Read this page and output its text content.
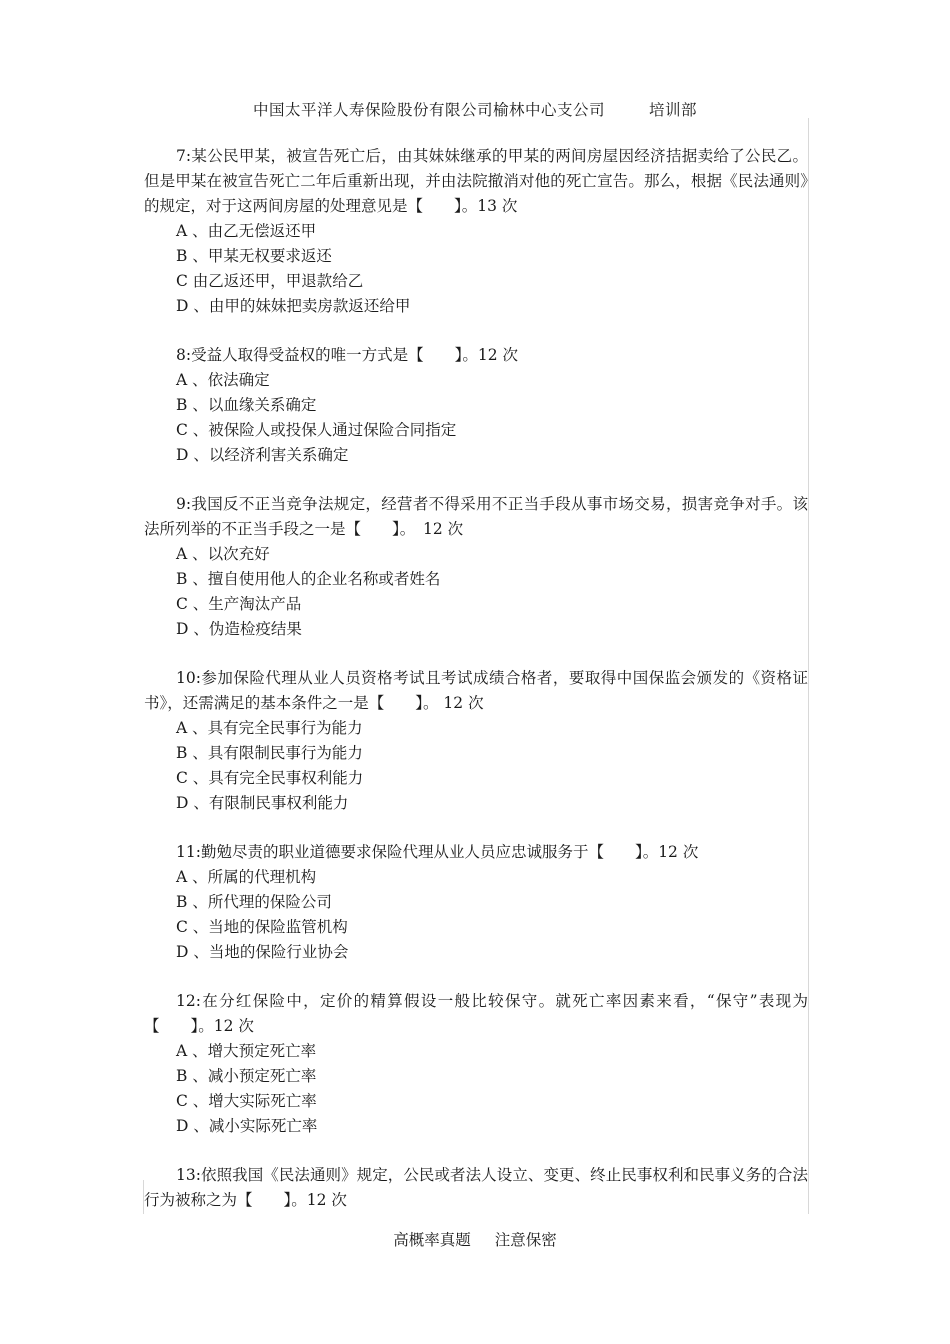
中国太平洋人寿保险股份有限公司榆林中心支公司	培训部

7:某公民甲某，被宣告死亡后，由其妹妹继承的甲某的两间房屋因经济拮据卖给了公民乙。但是甲某在被宣告死亡二年后重新出现，并由法院撤消对他的死亡宣告。那么，根据《民法通则》的规定，对于这两间房屋的处理意见是【　　】。13 次

A 、由乙无偿返还甲

B 、甲某无权要求返还

C 由乙返还甲，甲退款给乙

D 、由甲的妹妹把卖房款返还给甲

8:受益人取得受益权的唯一方式是【　　】。12 次

A 、依法确定

B 、以血缘关系确定

C 、被保险人或投保人通过保险合同指定

D 、以经济利害关系确定

9:我国反不正当竞争法规定，经营者不得采用不正当手段从事市场交易，损害竞争对手。该法所列举的不正当手段之一是【　　】。　12 次

A 、以次充好

B 、擅自使用他人的企业名称或者姓名

C 、生产淘汰产品

D 、伪造检疫结果

10:参加保险代理从业人员资格考试且考试成绩合格者，要取得中国保监会颁发的《资格证书》，还需满足的基本条件之一是【　　】。 12 次

A 、具有完全民事行为能力

B 、具有限制民事行为能力

C 、具有完全民事权利能力

D 、有限制民事权利能力

11:勤勉尽责的职业道德要求保险代理从业人员应忠诚服务于【　　】。12 次

A 、所属的代理机构

B 、所代理的保险公司

C 、当地的保险监管机构

D 、当地的保险行业协会

12:在分红保险中，定价的精算假设一般比较保守。就死亡率因素来看，“保守”表现为【　　】。12 次

A 、增大预定死亡率

B 、减小预定死亡率

C 、增大实际死亡率

D 、减小实际死亡率

13:依照我国《民法通则》规定，公民或者法人设立、变更、终止民事权利和民事义务的合法行为被称之为【　　】。12 次

高概率真题 注意保密
